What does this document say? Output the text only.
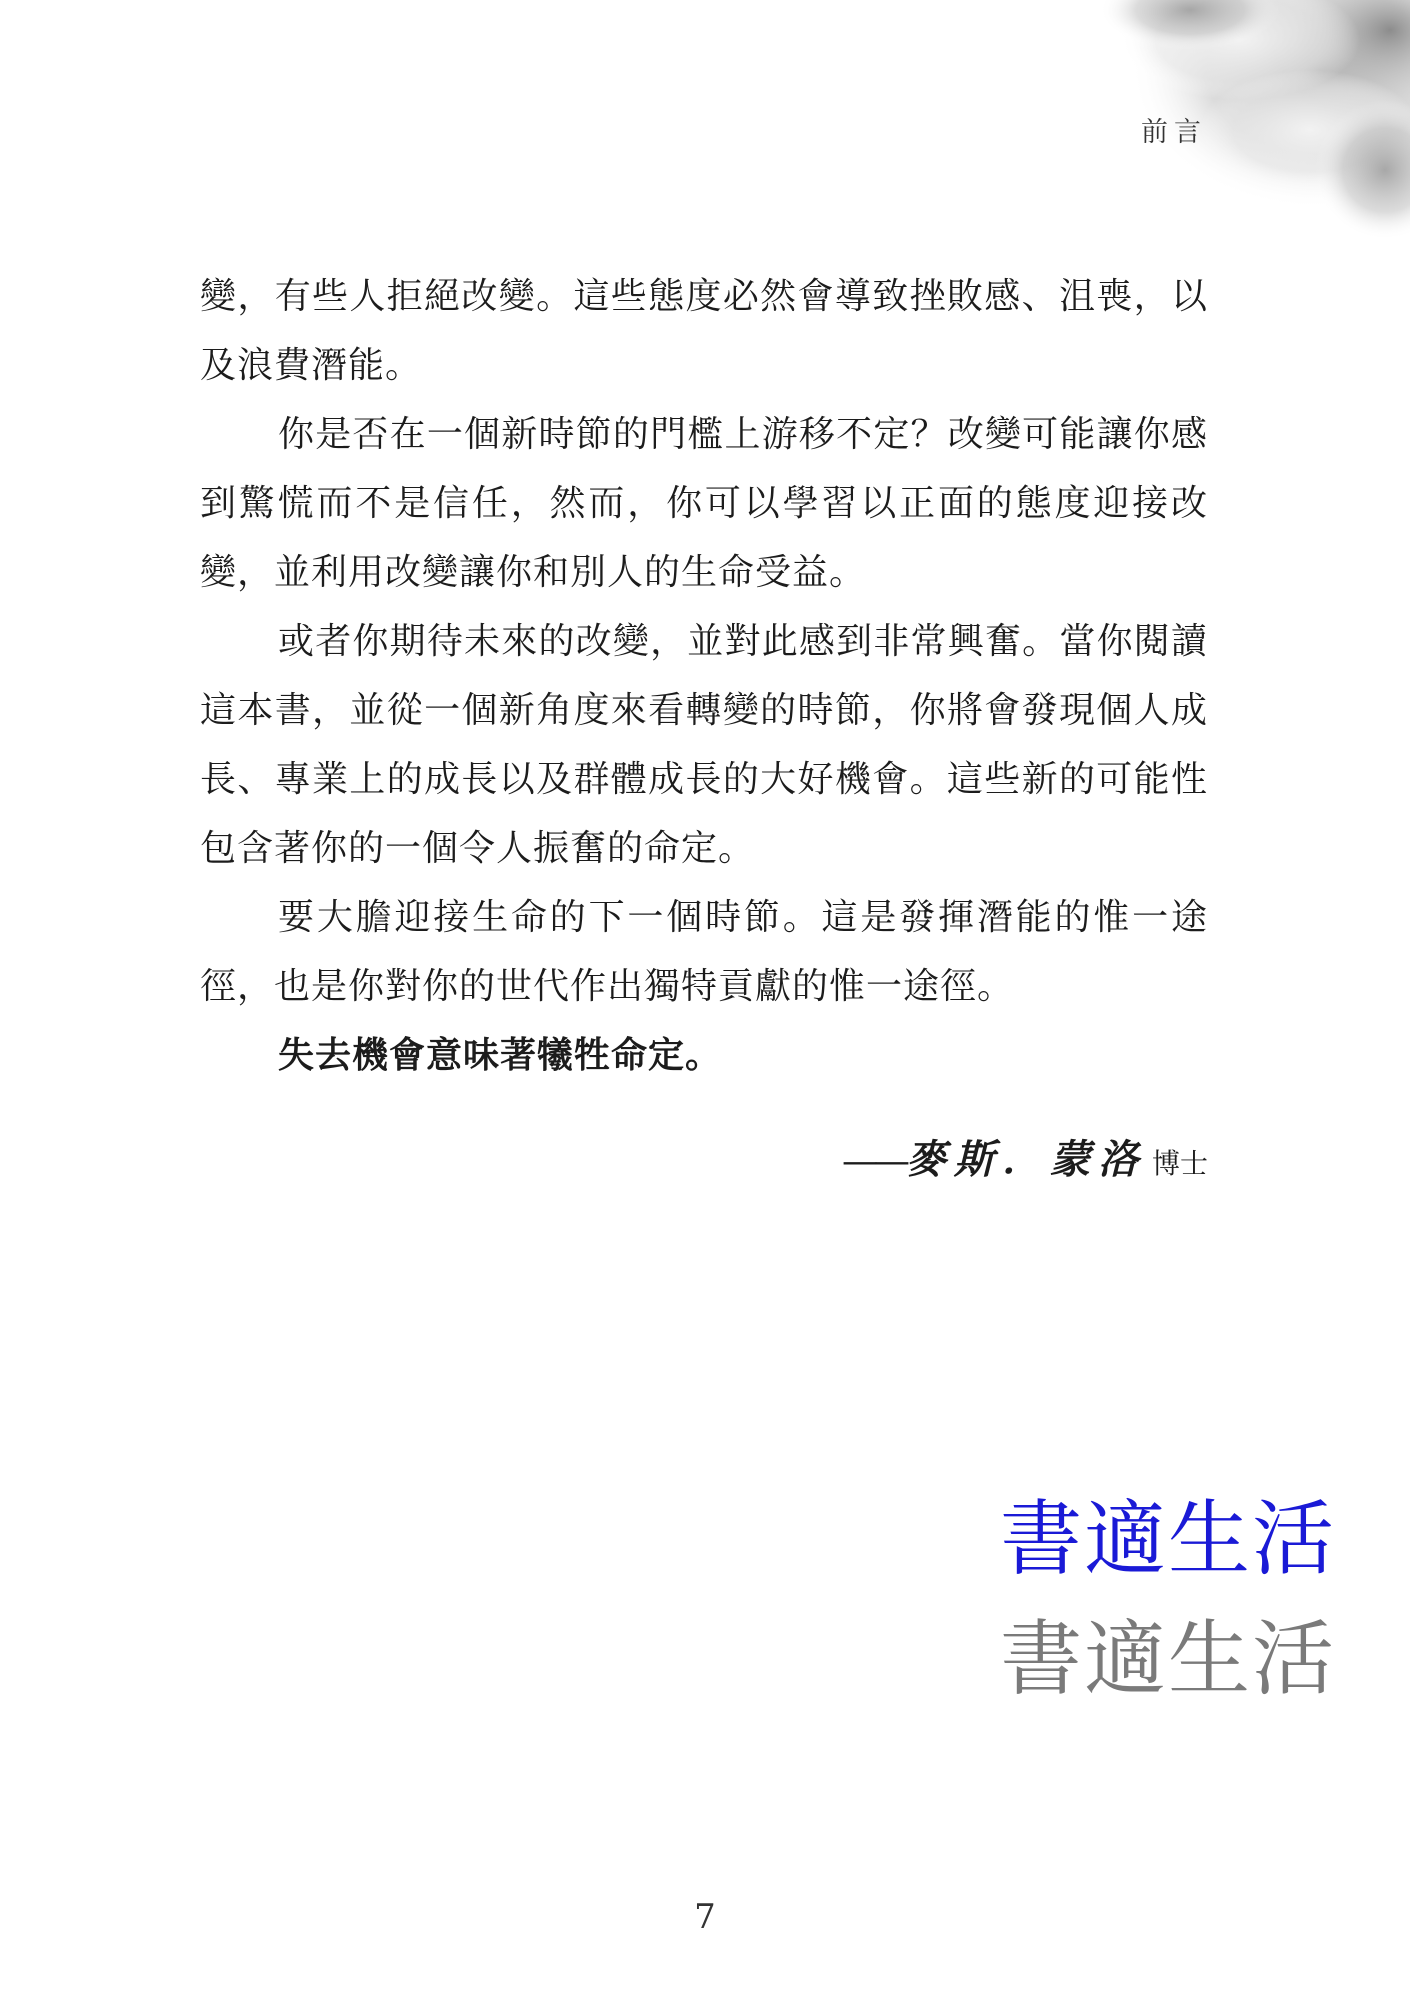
前言

變，有些人拒絕改變。這些態度必然會導致挫敗感、沮喪，以及浪費潛能。

你是否在一個新時節的門檻上游移不定？改變可能讓你感到驚慌而不是信任，然而，你可以學習以正面的態度迎接改變，並利用改變讓你和別人的生命受益。

或者你期待未來的改變，並對此感到非常興奮。當你閱讀這本書，並從一個新角度來看轉變的時節，你將會發現個人成長、專業上的成長以及群體成長的大好機會。這些新的可能性包含著你的一個令人振奮的命定。

要大膽迎接生命的下一個時節。這是發揮潛能的惟一途徑，也是你對你的世代作出獨特貢獻的惟一途徑。

失去機會意味著犧牲命定。

——麥斯．蒙洛 博士
書適生活
書適生活
7
